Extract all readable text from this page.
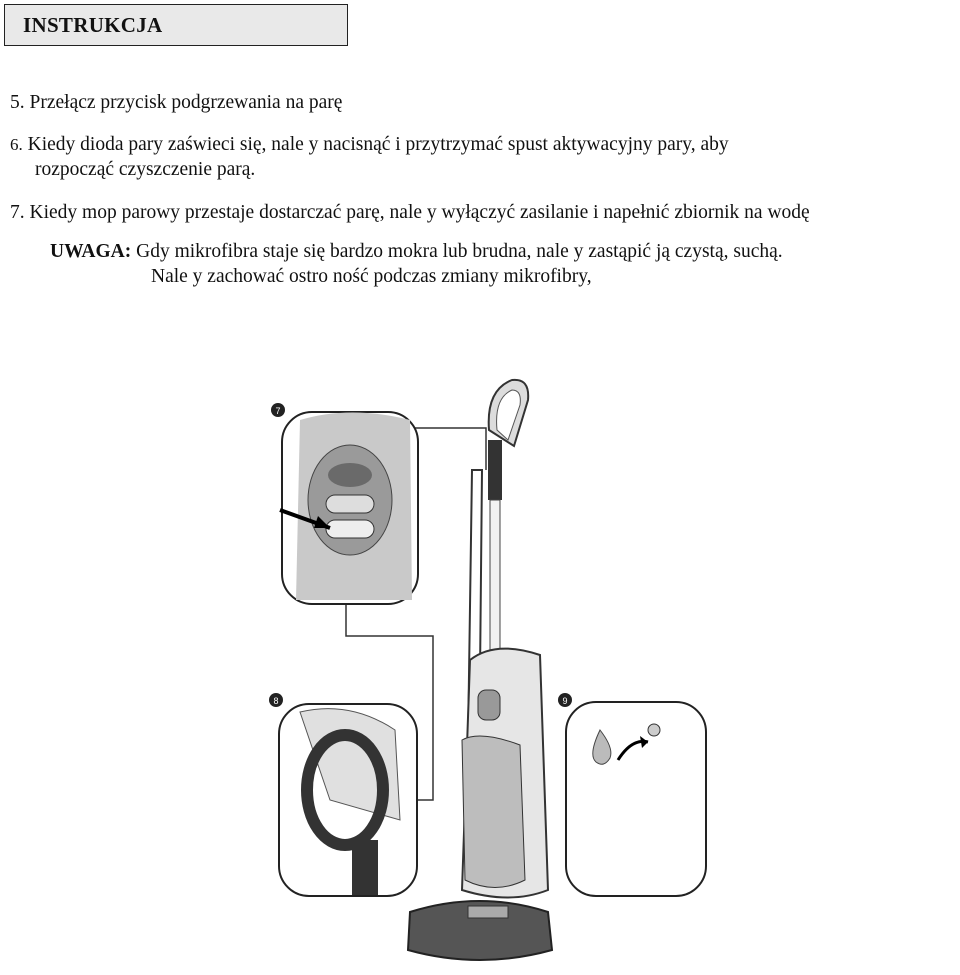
INSTRUKCJA
5. Przełącz przycisk podgrzewania na parę
6. Kiedy dioda pary zaświeci się, nale y nacisnąć i przytrzymać spust aktywacyjny pary, aby
rozpocząć czyszczenie parą.
7. Kiedy mop parowy przestaje dostarczać parę, nale y wyłączyć zasilanie i napełnić zbiornik na wodę
UWAGA: Gdy mikrofibra staje się bardzo mokra lub brudna, nale y zastąpić ją czystą, suchą.
Nale y zachować ostro ność podczas zmiany mikrofibry,
7
8	9
